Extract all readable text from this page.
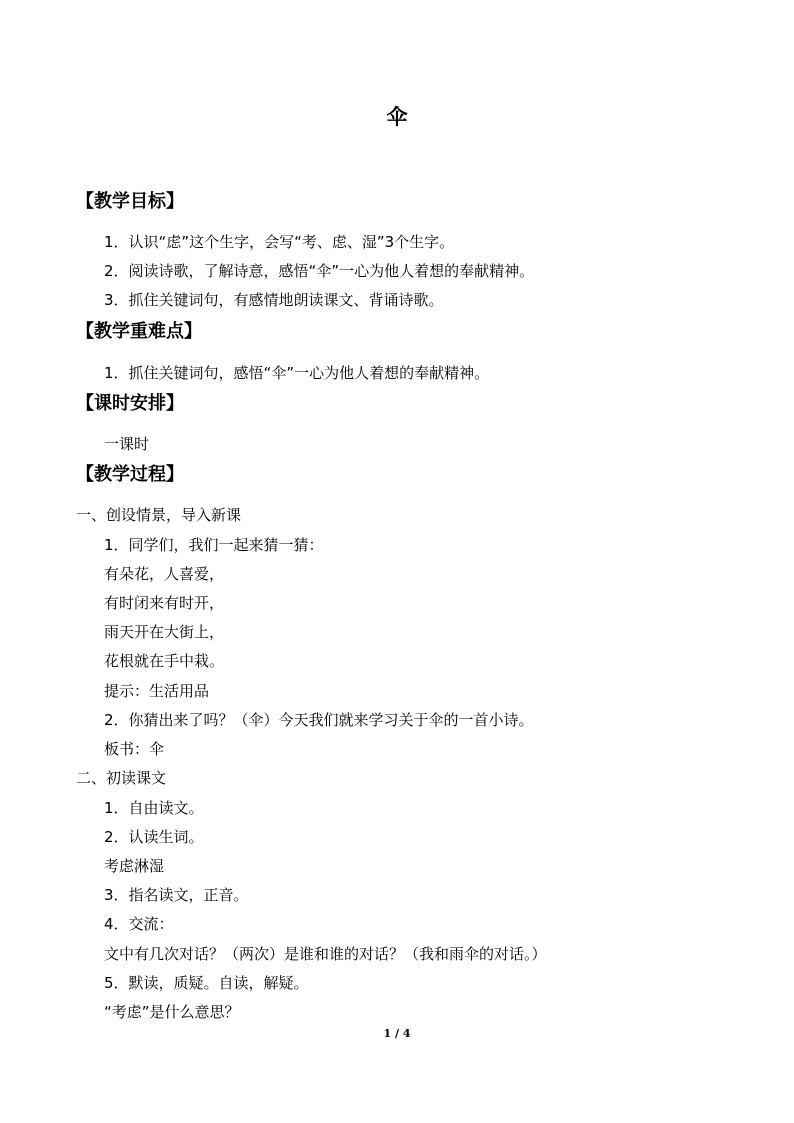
伞
【教学目标】
1．认识“虑”这个生字，会写“考、虑、湿”3个生字。
2．阅读诗歌，了解诗意，感悟“伞”一心为他人着想的奉献精神。
3．抓住关键词句，有感情地朗读课文、背诵诗歌。
【教学重难点】
1．抓住关键词句，感悟“伞”一心为他人着想的奉献精神。
【课时安排】
一课时
【教学过程】
一、创设情景，导入新课
1．同学们，我们一起来猜一猜：
有朵花，人喜爱，
有时闭来有时开，
雨天开在大街上，
花根就在手中栽。
提示：生活用品
2．你猜出来了吗？（伞）今天我们就来学习关于伞的一首小诗。
板书：伞
二、初读课文
1．自由读文。
2．认读生词。
考虑淋湿
3．指名读文，正音。
4．交流：
文中有几次对话？（两次）是谁和谁的对话？（我和雨伞的对话。）
5．默读，质疑。自读，解疑。
“考虑”是什么意思？
1 / 4
